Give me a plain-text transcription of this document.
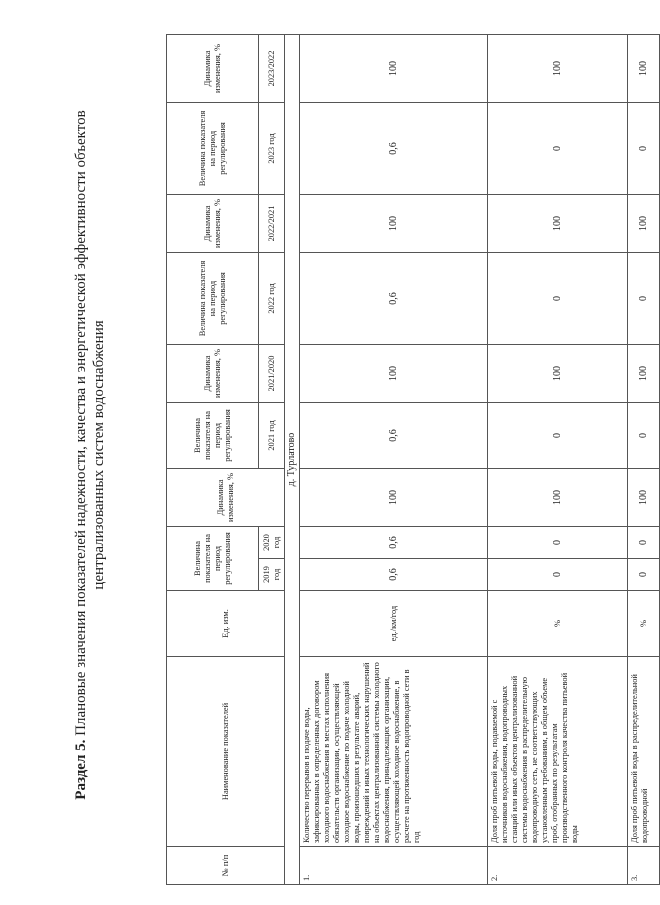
Раздел 5. Плановые значения показателей надежности, качества и энергетической эффективности объектов централизованных систем водоснабжения
№ п/п	Наименование показателей	Ед. изм.	Величина показателя на период регулирования		Динамика изменения, %	Величина показателя на период регулирования	Динамика изменения, %	Величина показателя на период регулирования	Динамика изменения, %	Величина показателя на период регулирования	Динамика изменения, %
			2019 год	2020 год		2021 год	2021/2020	2022 год	2022/2021	2023 год	2023/2022
д. Турлатово											
1.	Количество перерывов в подаче воды, зафиксированных в определенных договором холодного водоснабжения в местах исполнения обязательств организации, осуществляющей холодное водоснабжение по подаче холодной воды, произошедших в результате аварий, повреждений и иных технологических нарушений на объектах централизованной системы холодного водоснабжения, принадлежащих организации, осуществляющей холодное водоснабжение, в расчете на протяженность водопроводной сети в год	ед./км/год	0,6	0,6	100	0,6	100	0,6	100	0,6	100
2.	Доля проб питьевой воды, подаваемой с источников водоснабжения, водопроводных станций или иных объектов централизованной системы водоснабжения в распределительную водопроводную сеть, не соответствующих установленным требованиям, в общем объеме проб, отобранных по результатам производственного контроля качества питьевой воды	%	0	0	100	0	100	0	100	0	100
3.	Доля проб питьевой воды в распределительной водопроводной	%	0	0	100	0	100	0	100	0	100
